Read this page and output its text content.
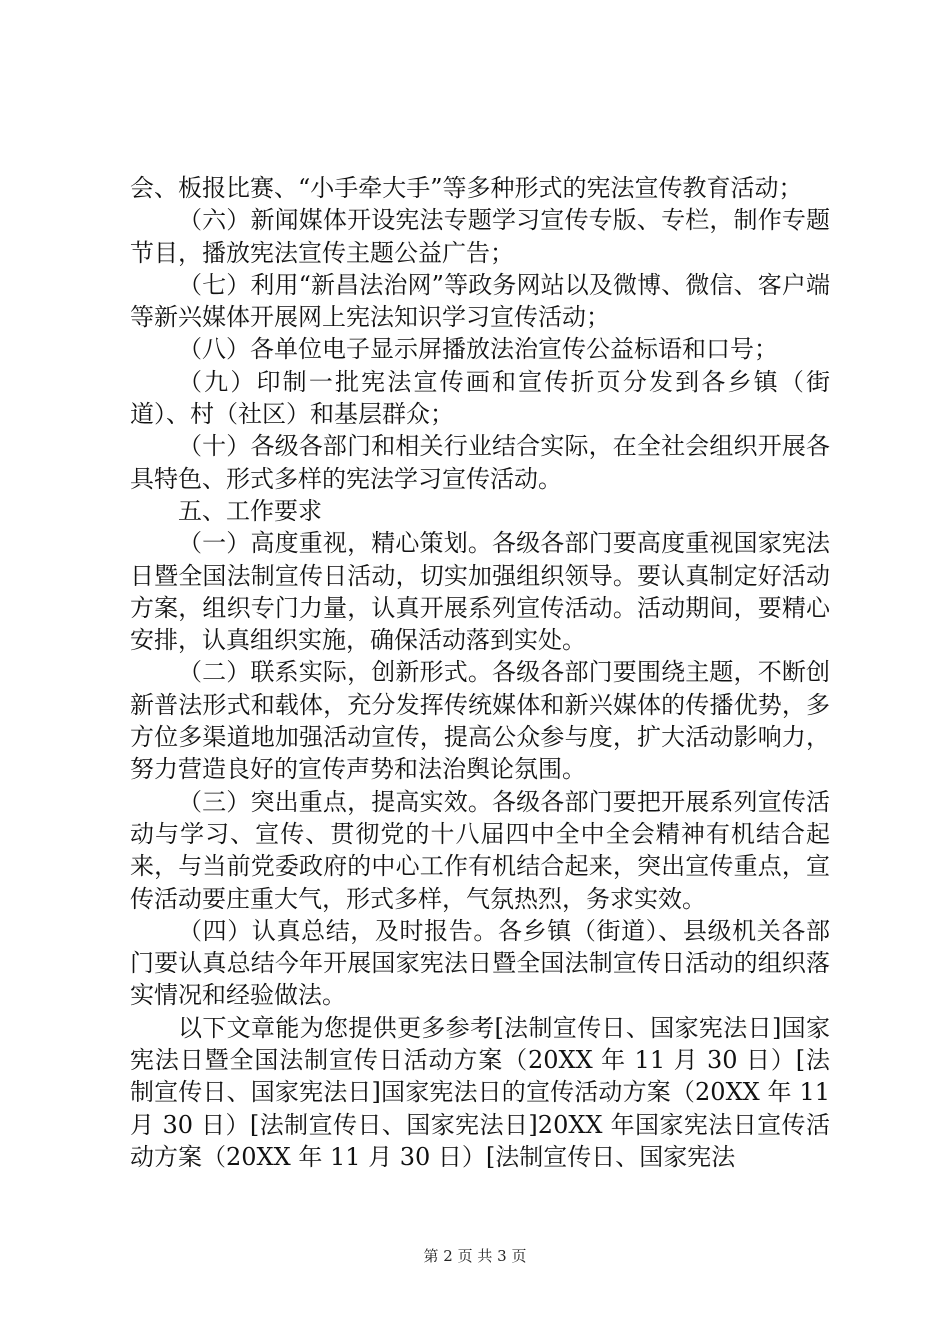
会、板报比赛、“小手牵大手”等多种形式的宪法宣传教育活动；

（六）新闻媒体开设宪法专题学习宣传专版、专栏，制作专题节目，播放宪法宣传主题公益广告；

（七）利用“新昌法治网”等政务网站以及微博、微信、客户端等新兴媒体开展网上宪法知识学习宣传活动；

（八）各单位电子显示屏播放法治宣传公益标语和口号；

（九）印制一批宪法宣传画和宣传折页分发到各乡镇（街道）、村（社区）和基层群众；

（十）各级各部门和相关行业结合实际，在全社会组织开展各具特色、形式多样的宪法学习宣传活动。

五、工作要求

（一）高度重视，精心策划。各级各部门要高度重视国家宪法日暨全国法制宣传日活动，切实加强组织领导。要认真制定好活动方案，组织专门力量，认真开展系列宣传活动。活动期间，要精心安排，认真组织实施，确保活动落到实处。

（二）联系实际，创新形式。各级各部门要围绕主题，不断创新普法形式和载体，充分发挥传统媒体和新兴媒体的传播优势，多方位多渠道地加强活动宣传，提高公众参与度，扩大活动影响力，努力营造良好的宣传声势和法治舆论氛围。

（三）突出重点，提高实效。各级各部门要把开展系列宣传活动与学习、宣传、贯彻党的十八届四中全中全会精神有机结合起来，与当前党委政府的中心工作有机结合起来，突出宣传重点，宣传活动要庄重大气，形式多样，气氛热烈，务求实效。

（四）认真总结，及时报告。各乡镇（街道）、县级机关各部门要认真总结今年开展国家宪法日暨全国法制宣传日活动的组织落实情况和经验做法。

以下文章能为您提供更多参考[法制宣传日、国家宪法日]国家宪法日暨全国法制宣传日活动方案（20XX 年 11 月 30 日）[法制宣传日、国家宪法日]国家宪法日的宣传活动方案（20XX 年 11 月 30 日）[法制宣传日、国家宪法日]20XX 年国家宪法日宣传活动方案（20XX 年 11 月 30 日）[法制宣传日、国家宪法

第 2 页 共 3 页
